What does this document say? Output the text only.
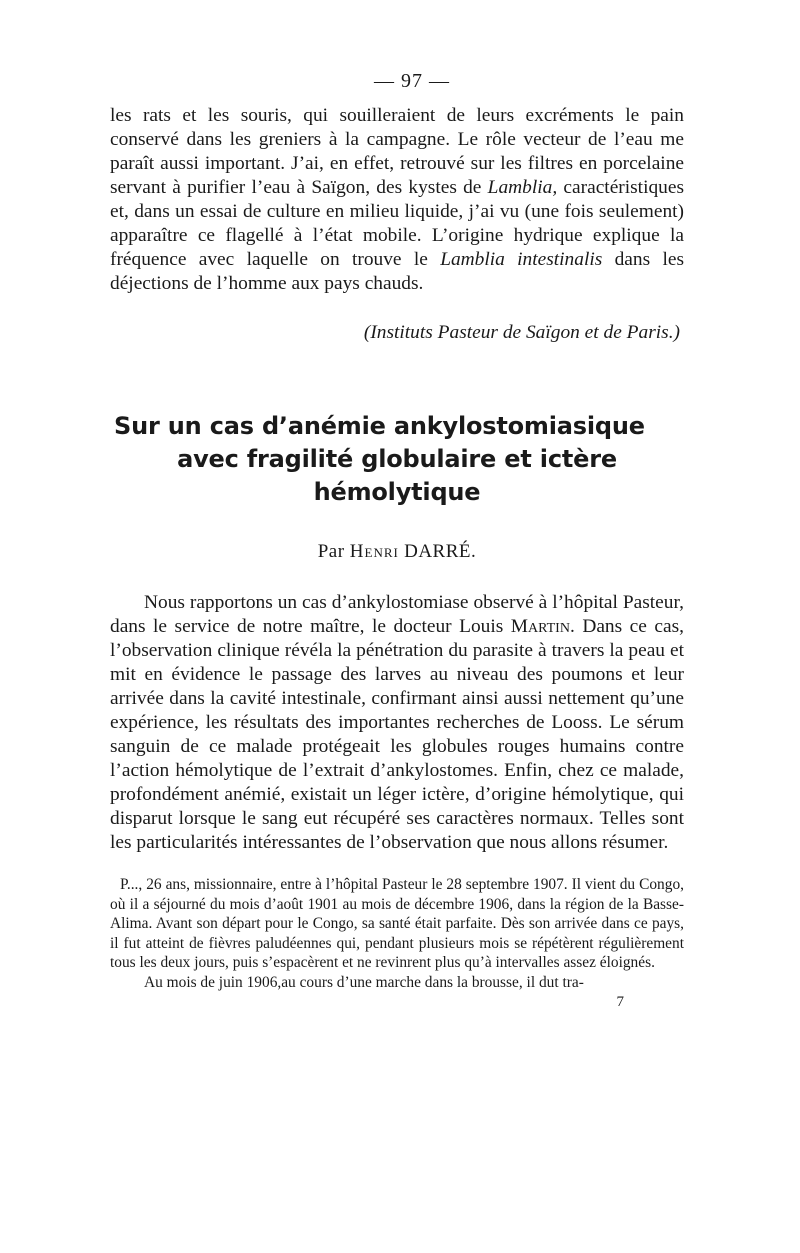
— 97 —

les rats et les souris, qui souilleraient de leurs excréments le pain conservé dans les greniers à la campagne. Le rôle vecteur de l’eau me paraît aussi important. J’ai, en effet, retrouvé sur les filtres en porcelaine servant à purifier l’eau à Saïgon, des kystes de Lamblia, caractéristiques et, dans un essai de culture en milieu liquide, j’ai vu (une fois seulement) apparaître ce flagellé à l’état mobile. L’origine hydrique explique la fréquence avec laquelle on trouve le Lamblia intestinalis dans les déjections de l’homme aux pays chauds.

(Instituts Pasteur de Saïgon et de Paris.)
Sur un cas d’anémie ankylostomiasique
avec fragilité globulaire et ictère hémolytique
Par Henri DARRÉ.

Nous rapportons un cas d’ankylostomiase observé à l’hôpital Pasteur, dans le service de notre maître, le docteur Louis Martin. Dans ce cas, l’observation clinique révéla la pénétration du parasite à travers la peau et mit en évidence le passage des larves au niveau des poumons et leur arrivée dans la cavité intestinale, confirmant ainsi aussi nettement qu’une expérience, les résultats des importantes recherches de Looss. Le sérum sanguin de ce malade protégeait les globules rouges humains contre l’action hémolytique de l’extrait d’ankylostomes. Enfin, chez ce malade, profondément anémié, existait un léger ictère, d’origine hémolytique, qui disparut lorsque le sang eut récupéré ses caractères normaux. Telles sont les particularités intéressantes de l’observation que nous allons résumer.

P..., 26 ans, missionnaire, entre à l’hôpital Pasteur le 28 septembre 1907. Il vient du Congo, où il a séjourné du mois d’août 1901 au mois de décembre 1906, dans la région de la Basse-Alima. Avant son départ pour le Congo, sa santé était parfaite. Dès son arrivée dans ce pays, il fut atteint de fièvres paludéennes qui, pendant plusieurs mois se répétèrent régulièrement tous les deux jours, puis s’espacèrent et ne revinrent plus qu’à intervalles assez éloignés.

Au mois de juin 1906,au cours d’une marche dans la brousse, il dut tra-

7
